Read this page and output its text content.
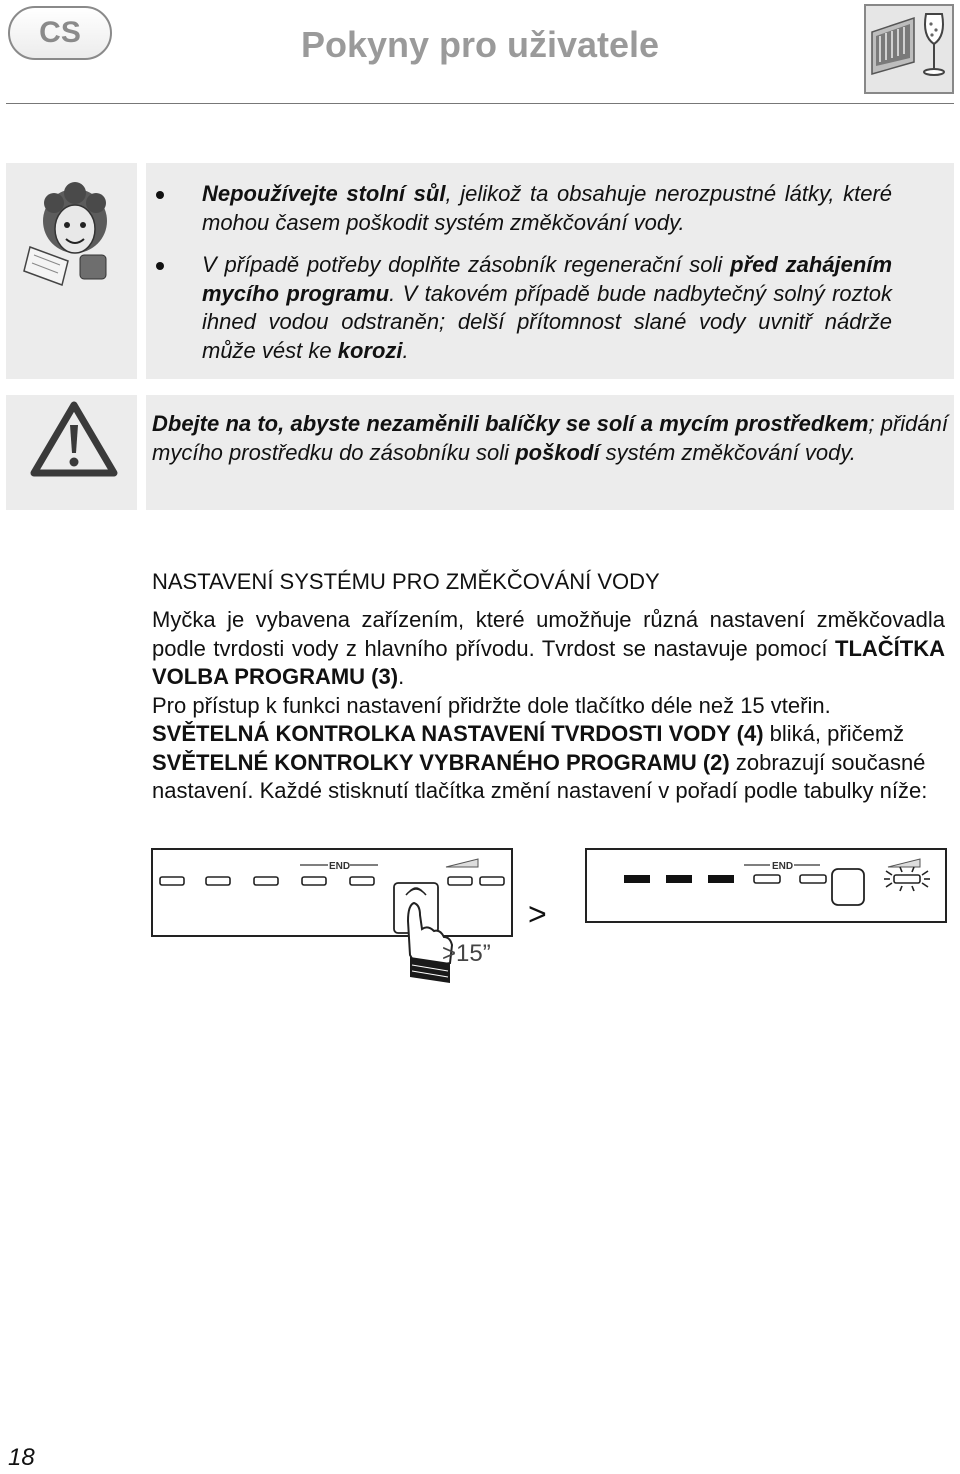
CS	Pokyny pro uživatele

Nepoužívejte stolní sůl, jelikož ta obsahuje nerozpustné látky, které mohou časem poškodit systém změkčování vody.

V případě potřeby doplňte zásobník regenerační soli před zahájením mycího programu. V takovém případě bude nadbytečný solný roztok ihned vodou odstraněn; delší přítomnost slané vody uvnitř nádrže může vést ke korozi.

Dbejte na to, abyste nezaměnili balíčky se solí a mycím prostředkem; přidání mycího prostředku do zásobníku soli poškodí systém změkčování vody.

NASTAVENÍ SYSTÉMU PRO ZMĚKČOVÁNÍ VODY

Myčka je vybavena zařízením, které umožňuje různá nastavení změkčovadla podle tvrdosti vody z hlavního přívodu. Tvrdost se nastavuje pomocí TLAČÍTKA VOLBA PROGRAMU (3).

Pro přístup k funkci nastavení přidržte dole tlačítko déle než 15 vteřin.

SVĚTELNÁ KONTROLKA NASTAVENÍ TVRDOSTI VODY (4) bliká, přičemž SVĚTELNÉ KONTROLKY VYBRANÉHO PROGRAMU (2) zobrazují současné nastavení. Každé stisknutí tlačítka změní nastavení v pořadí podle tabulky níže:

END
>15”
>
END

18
